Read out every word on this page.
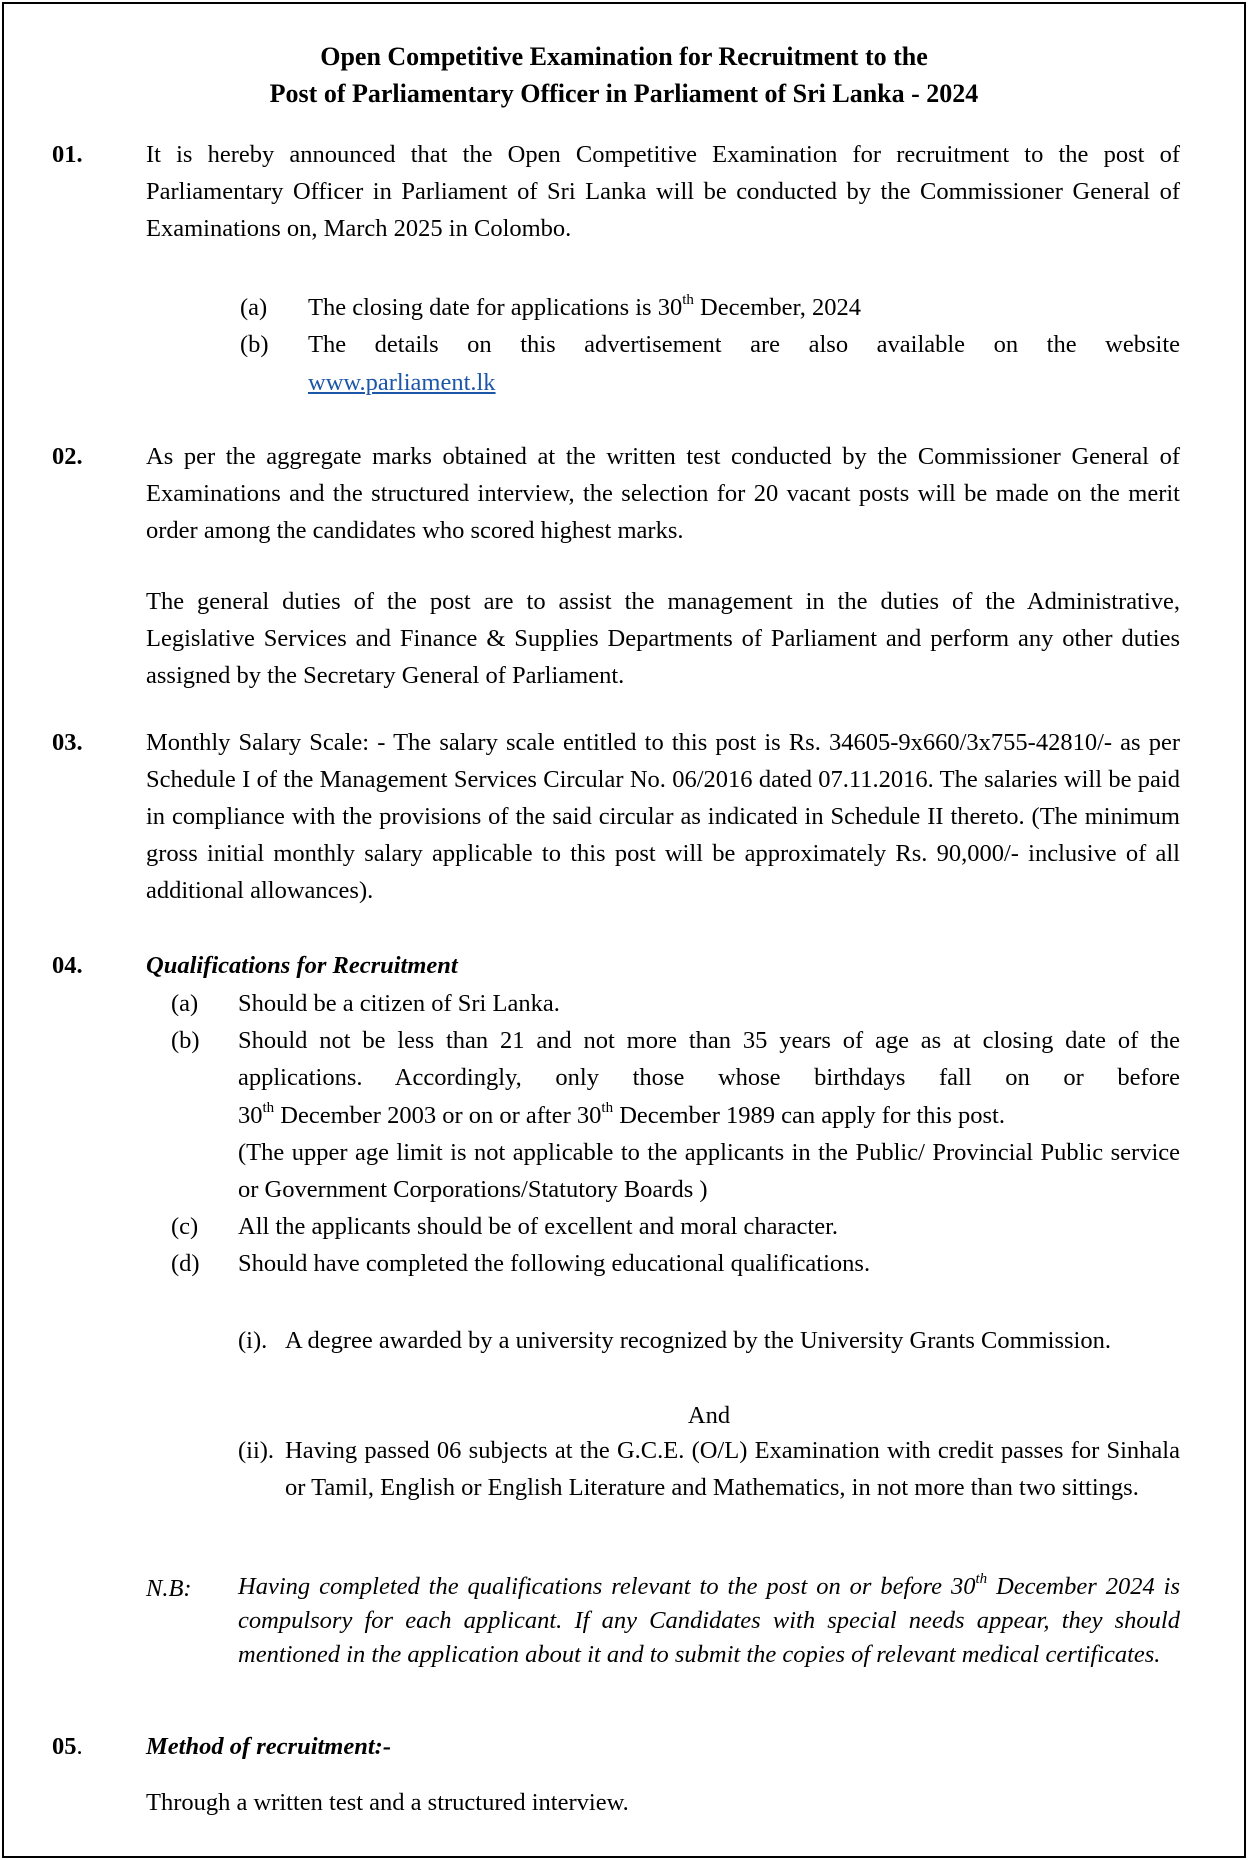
Open Competitive Examination for Recruitment to the
Post of Parliamentary Officer in Parliament of Sri Lanka - 2024
01.	It is hereby announced that the Open Competitive Examination for recruitment to the post of Parliamentary Officer in Parliament of Sri Lanka will be conducted by the Commissioner General of Examinations on, March 2025 in Colombo.
(a) The closing date for applications is 30th December, 2024
(b) The details on this advertisement are also available on the website
www.parliament.lk
02.	As per the aggregate marks obtained at the written test conducted by the Commissioner General of Examinations and the structured interview, the selection for 20 vacant posts will be made on the merit order among the candidates who scored highest marks.
The general duties of the post are to assist the management in the duties of the Administrative, Legislative Services and Finance & Supplies Departments of Parliament and perform any other duties assigned by the Secretary General of Parliament.
03.	Monthly Salary Scale: - The salary scale entitled to this post is Rs. 34605-9x660/3x755-42810/- as per Schedule I of the Management Services Circular No. 06/2016 dated 07.11.2016. The salaries will be paid in compliance with the provisions of the said circular as indicated in Schedule II thereto. (The minimum gross initial monthly salary applicable to this post will be approximately Rs. 90,000/- inclusive of all additional allowances).
04.	Qualifications for Recruitment
(a) Should be a citizen of Sri Lanka.
(b) Should not be less than 21 and not more than 35 years of age as at closing date of the applications. Accordingly, only those whose birthdays fall on or before
30th December 2003 or on or after 30th December 1989 can apply for this post.
(The upper age limit is not applicable to the applicants in the Public/ Provincial Public service or Government Corporations/Statutory Boards )
(c) All the applicants should be of excellent and moral character.
(d) Should have completed the following educational qualifications.
(i). A degree awarded by a university recognized by the University Grants Commission.
And
(ii). Having passed 06 subjects at the G.C.E. (O/L) Examination with credit passes for Sinhala or Tamil, English or English Literature and Mathematics, in not more than two sittings.
N.B: Having completed the qualifications relevant to the post on or before 30th December 2024 is compulsory for each applicant. If any Candidates with special needs appear, they should mentioned in the application about it and to submit the copies of relevant medical certificates.
05.	Method of recruitment:-
Through a written test and a structured interview.
